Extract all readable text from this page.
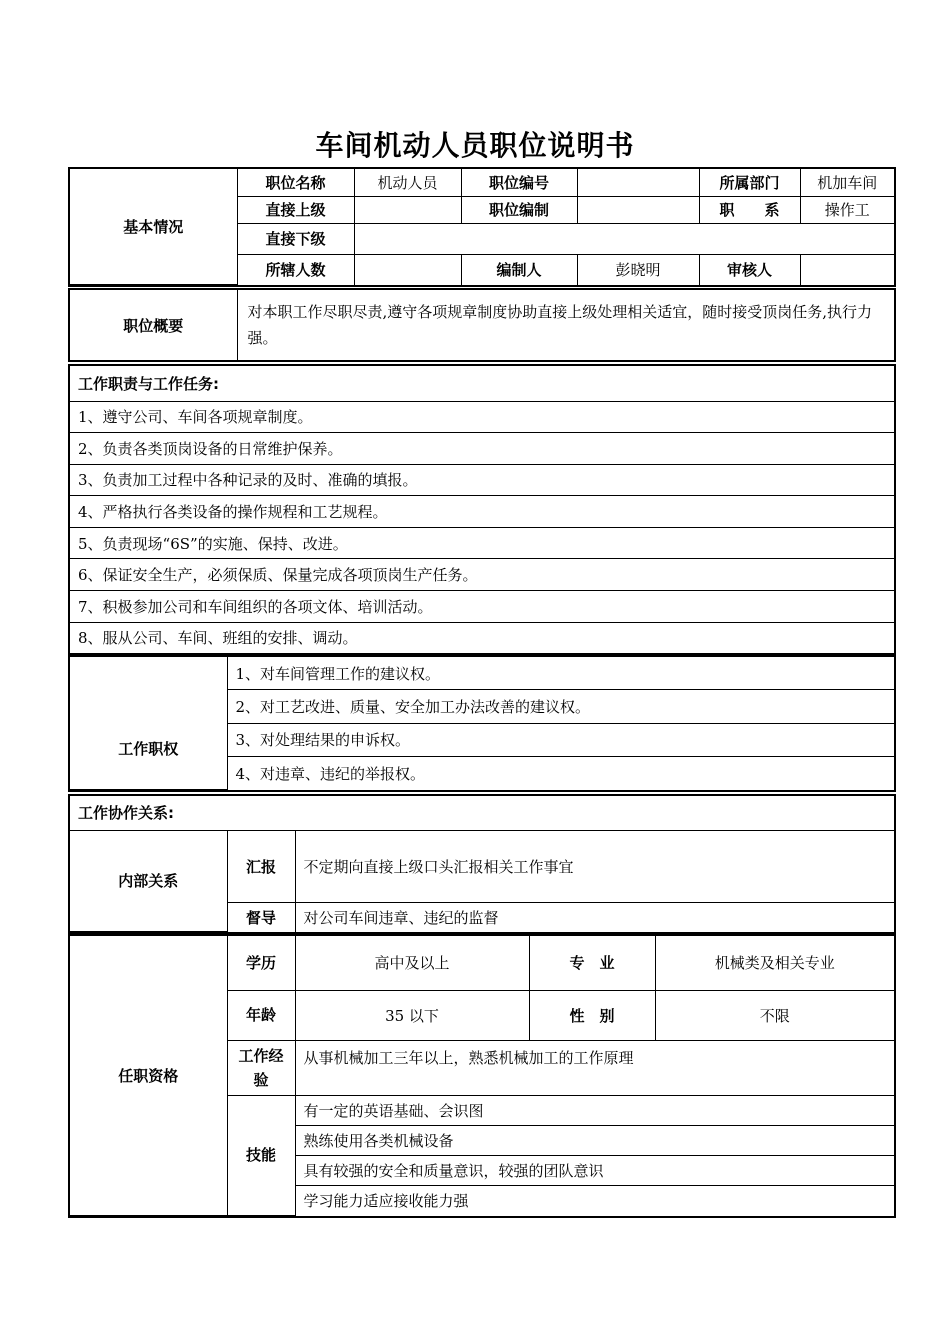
车间机动人员职位说明书
基本情况	职位名称	机动人员	职位编号		所属部门	机加车间
	直接上级		职位编制		职　　系	操作工
	直接下级					
	所辖人数		编制人	彭晓明	审核人	
职位概要	对本职工作尽职尽责,遵守各项规章制度协助直接上级处理相关适宜，随时接受顶岗任务,执行力强。
工作职责与工作任务:
1、遵守公司、车间各项规章制度。
2、负责各类顶岗设备的日常维护保养。
3、负责加工过程中各种记录的及时、准确的填报。
4、严格执行各类设备的操作规程和工艺规程。
5、负责现场“6S”的实施、保持、改进。
6、保证安全生产，必须保质、保量完成各项顶岗生产任务。
7、积极参加公司和车间组织的各项文体、培训活动。
8、服从公司、车间、班组的安排、调动。
工作职权	1、对车间管理工作的建议权。
2、对工艺改进、质量、安全加工办法改善的建议权。
3、对处理结果的申诉权。
4、对违章、违纪的举报权。
工作协作关系:		
内部关系	汇报	不定期向直接上级口头汇报相关工作事宜
	督导	对公司车间违章、违纪的监督
任职资格	学历	高中及以上	专　业	机械类及相关专业
	年龄	35 以下	性　别	不限
	工作经验	从事机械加工三年以上，熟悉机械加工的工作原理		
	技能	有一定的英语基础、会识图		
		熟练使用各类机械设备		
		具有较强的安全和质量意识，较强的团队意识		
		学习能力适应接收能力强		
